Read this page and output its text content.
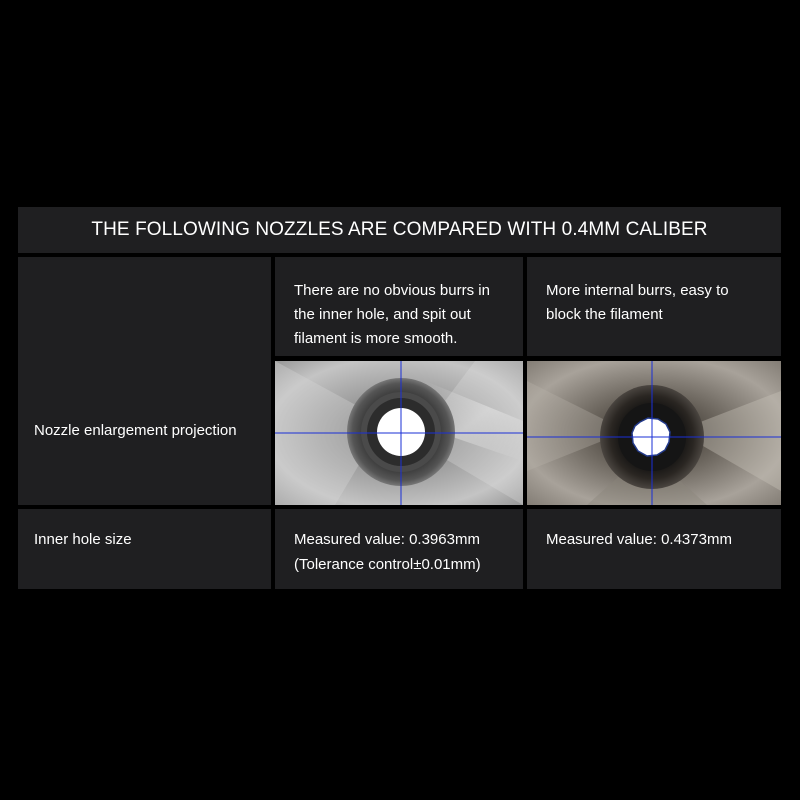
THE FOLLOWING NOZZLES ARE COMPARED WITH 0.4MM CALIBER
Nozzle enlargement projection
There are no obvious burrs in
the inner hole, and spit out
filament is more smooth.
More internal burrs, easy to
block the filament
Inner hole size	Measured value: 0.3963mm
(Tolerance control±0.01mm)
Measured value: 0.4373mm
